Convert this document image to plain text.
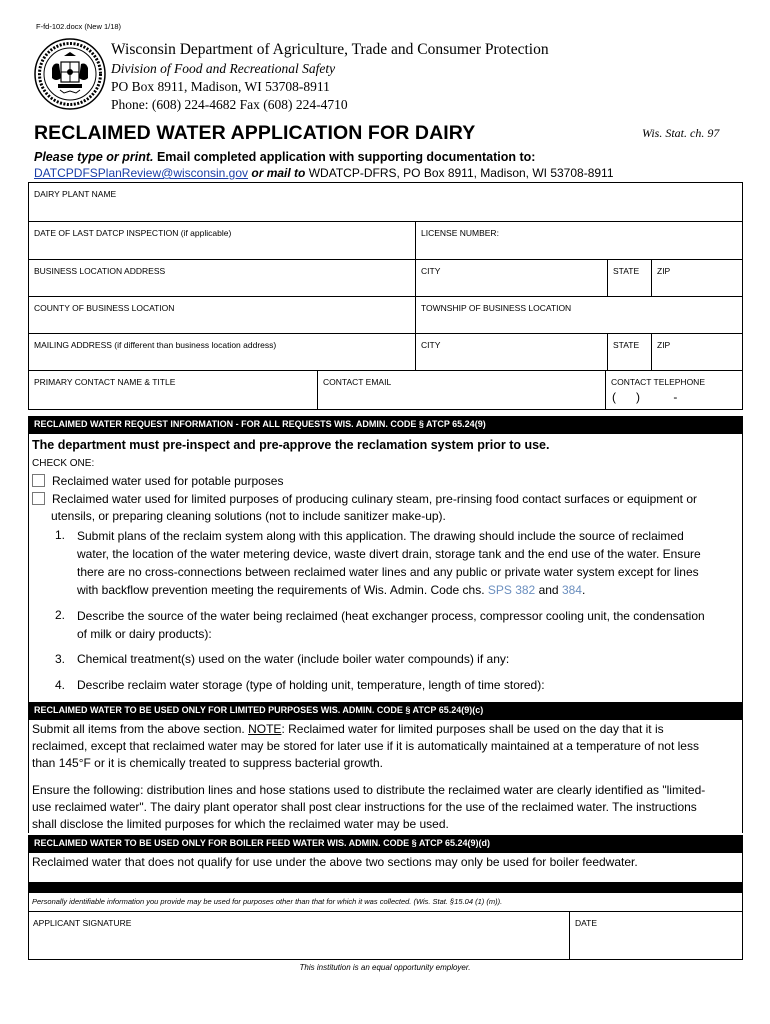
F-fd-102.docx (New 1/18)
Wisconsin Department of Agriculture, Trade and Consumer Protection
Division of Food and Recreational Safety
PO Box 8911, Madison, WI 53708-8911
Phone: (608) 224-4682 Fax (608) 224-4710
RECLAIMED WATER APPLICATION FOR DAIRY	Wis. Stat. ch. 97
Please type or print. Email completed application with supporting documentation to:
DATCPDFSPlanReview@wisconsin.gov or mail to WDATCP-DFRS, PO Box 8911, Madison, WI 53708-8911
DAIRY PLANT NAME
DATE OF LAST DATCP INSPECTION (if applicable)	LICENSE NUMBER:
BUSINESS LOCATION ADDRESS	CITY	STATE ZIP
COUNTY OF BUSINESS LOCATION	TOWNSHIP OF BUSINESS LOCATION
MAILING ADDRESS (if different than business location address)	CITY	STATE ZIP
PRIMARY CONTACT NAME & TITLE	CONTACT EMAIL	CONTACT TELEPHONE
(      )          -
RECLAIMED WATER REQUEST INFORMATION - FOR ALL REQUESTS WIS. ADMIN. CODE § ATCP 65.24(9)
The department must pre-inspect and pre-approve the reclamation system prior to use.
CHECK ONE:
Reclaimed water used for potable purposes
Reclaimed water used for limited purposes of producing culinary steam, pre-rinsing food contact surfaces or equipment or
utensils, or preparing cleaning solutions (not to include sanitizer make-up).
1. Submit plans of the reclaim system along with this application. The drawing should include the source of reclaimed
water, the location of the water metering device, waste divert drain, storage tank and the end use of the water. Ensure
there are no cross-connections between reclaimed water lines and any public or private water system except for lines
with backflow prevention meeting the requirements of Wis. Admin. Code chs. SPS 382 and 384.
2. Describe the source of the water being reclaimed (heat exchanger process, compressor cooling unit, the condensation
of milk or dairy products):
3. Chemical treatment(s) used on the water (include boiler water compounds) if any:
4. Describe reclaim water storage (type of holding unit, temperature, length of time stored):
RECLAIMED WATER TO BE USED ONLY FOR LIMITED PURPOSES WIS. ADMIN. CODE § ATCP 65.24(9)(c)
Submit all items from the above section. NOTE: Reclaimed water for limited purposes shall be used on the day that it is
reclaimed, except that reclaimed water may be stored for later use if it is automatically maintained at a temperature of not less
than 145°F or it is chemically treated to suppress bacterial growth.
Ensure the following: distribution lines and hose stations used to distribute the reclaimed water are clearly identified as "limited-
use reclaimed water". The dairy plant operator shall post clear instructions for the use of the reclaimed water. The instructions
shall disclose the limited purposes for which the reclaimed water may be used.
RECLAIMED WATER TO BE USED ONLY FOR BOILER FEED WATER WIS. ADMIN. CODE § ATCP 65.24(9)(d)
Reclaimed water that does not qualify for use under the above two sections may only be used for boiler feedwater.
Personally identifiable information you provide may be used for purposes other than that for which it was collected. (Wis. Stat. §15.04 (1) (m)).
APPLICANT SIGNATURE	DATE
This institution is an equal opportunity employer.
